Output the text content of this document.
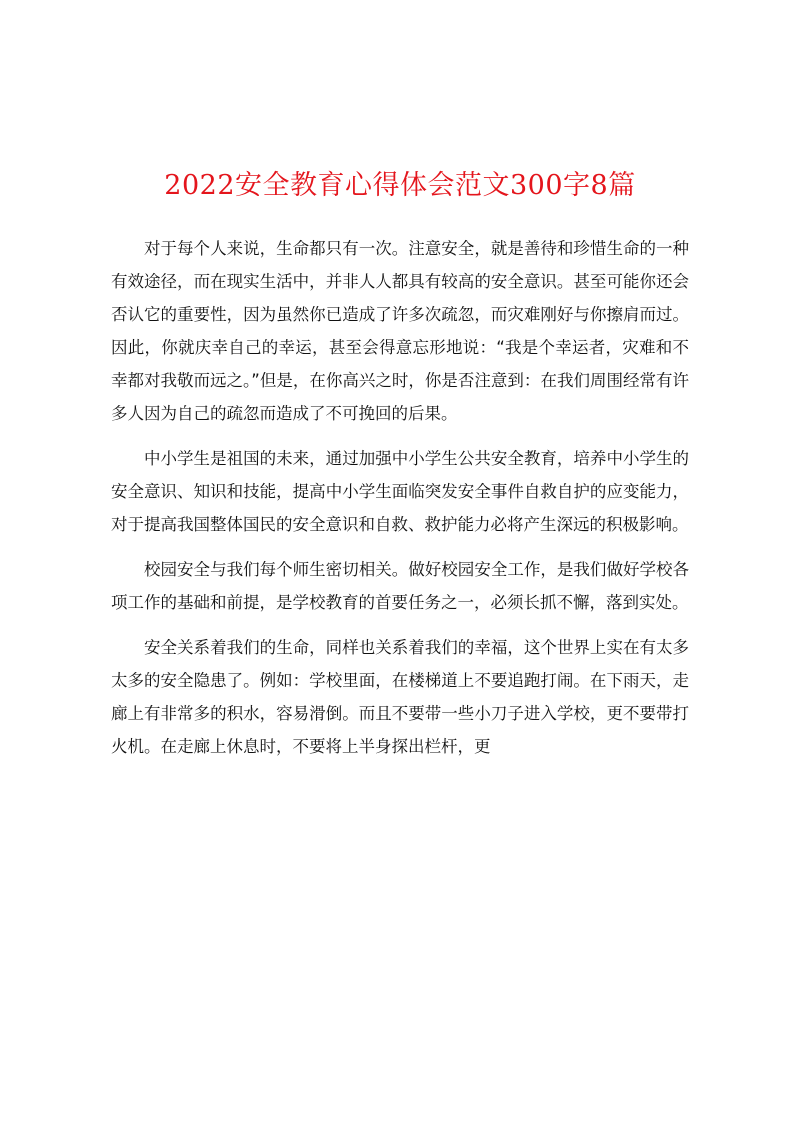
2022安全教育心得体会范文300字8篇

对于每个人来说，生命都只有一次。注意安全，就是善待和珍惜生命的一种有效途径，而在现实生活中，并非人人都具有较高的安全意识。甚至可能你还会否认它的重要性，因为虽然你已造成了许多次疏忽，而灾难刚好与你擦肩而过。因此，你就庆幸自己的幸运，甚至会得意忘形地说：“我是个幸运者，灾难和不幸都对我敬而远之。”但是，在你高兴之时，你是否注意到：在我们周围经常有许多人因为自己的疏忽而造成了不可挽回的后果。

中小学生是祖国的未来，通过加强中小学生公共安全教育，培养中小学生的安全意识、知识和技能，提高中小学生面临突发安全事件自救自护的应变能力，对于提高我国整体国民的安全意识和自救、救护能力必将产生深远的积极影响。

校园安全与我们每个师生密切相关。做好校园安全工作，是我们做好学校各项工作的基础和前提，是学校教育的首要任务之一，必须长抓不懈，落到实处。

安全关系着我们的生命，同样也关系着我们的幸福，这个世界上实在有太多太多的安全隐患了。例如：学校里面，在楼梯道上不要追跑打闹。在下雨天，走廊上有非常多的积水，容易滑倒。而且不要带一些小刀子进入学校，更不要带打火机。在走廊上休息时，不要将上半身探出栏杆，更
